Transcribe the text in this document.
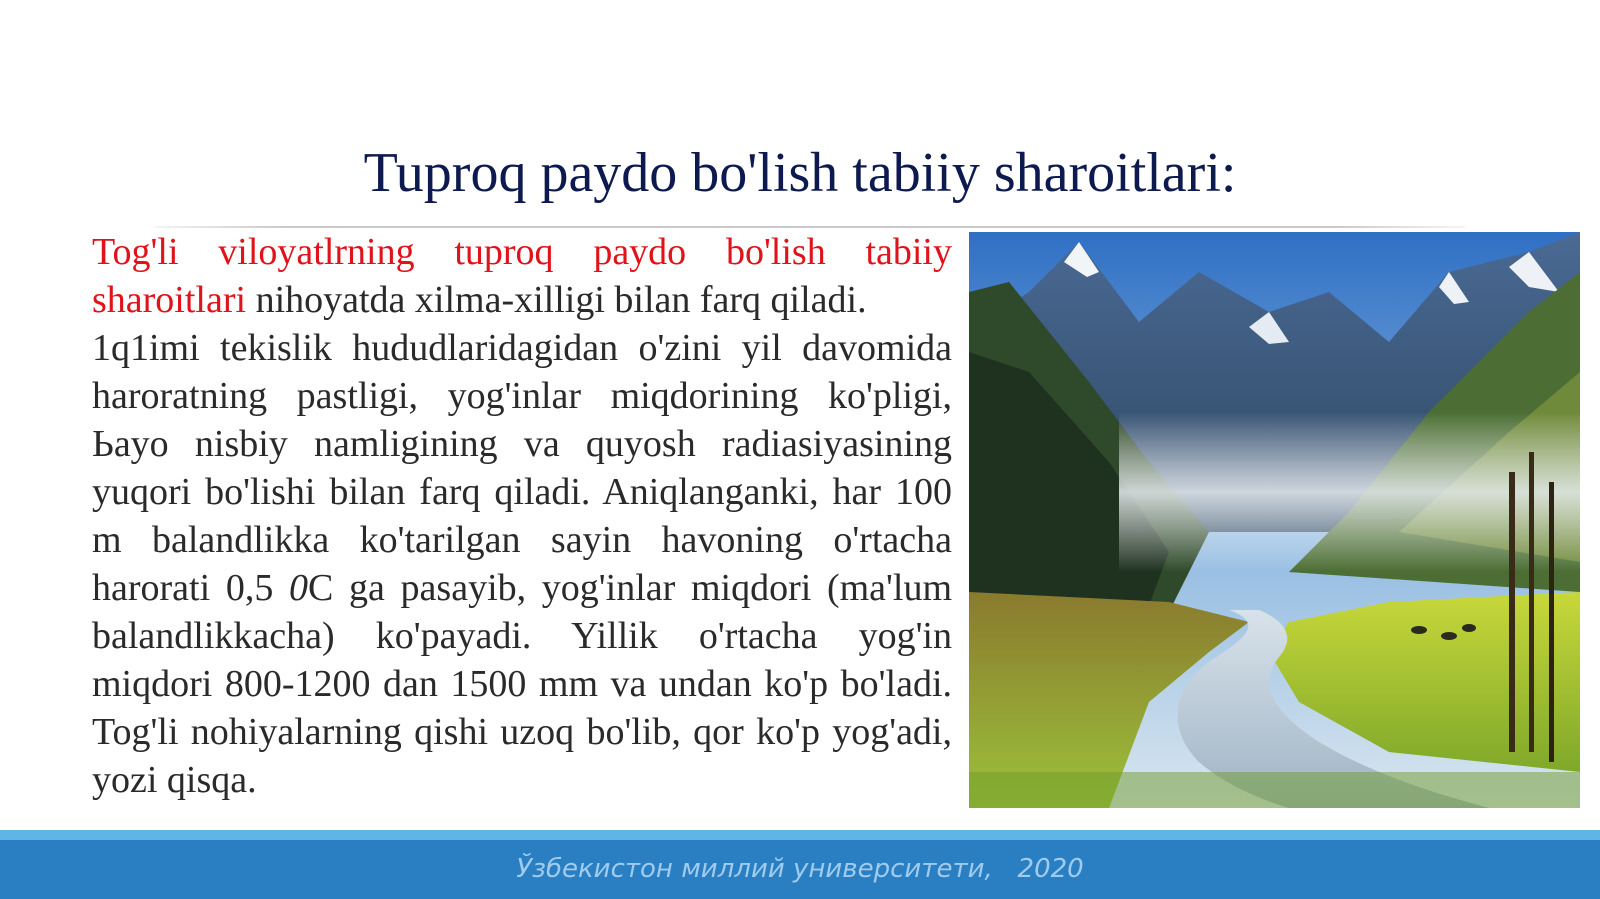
Tuproq paydo bo'lish tabiiy sharoitlari:

Tog'li viloyatlrning tuproq paydo bo'lish tabiiy sharoitlari nihoyatda xilma-xilligi bilan farq qiladi.
1q1imi tekislik hududlaridagidan o'zini yil davomida haroratning pastligi, yog'inlar miqdorining ko'pligi, Ьayo nisbiy namligining va quyosh radiasiyasining yuqori bo'lishi bilan farq qiladi. Aniqlanganki, har 100 m balandlikka ko'tarilgan sayin havoning o'rtacha harorati 0,5 0C ga pasayib, yog'inlar miqdori (ma'lum balandlikkacha) ko'payadi. Yillik o'rtacha yog'in miqdori 800-1200 dan 1500 mm va undan ko'p bo'ladi. Tog'li nohiyalarning qishi uzoq bo'lib, qor ko'p yog'adi, yozi qisqa.

Ўзбекистон миллий университети,   2020
